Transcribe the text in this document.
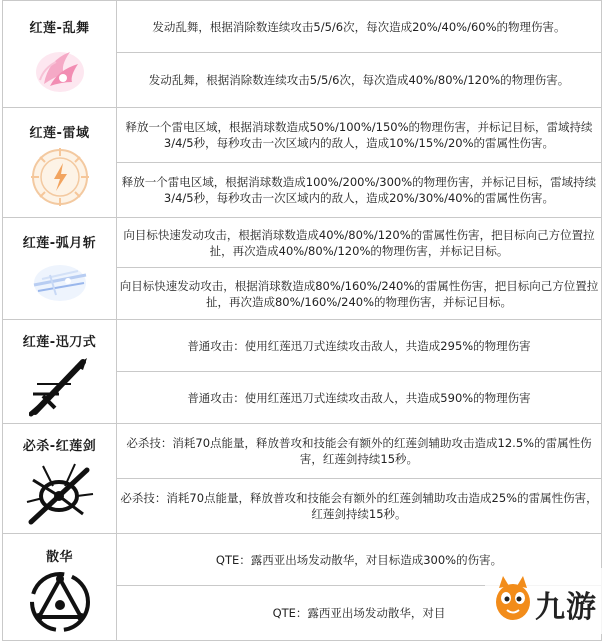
红莲-乱舞	发动乱舞，根据消除数连续攻击5/5/6次，每次造成20%/40%/60%的物理伤害。
	发动乱舞，根据消除数连续攻击5/5/6次，每次造成40%/80%/120%的物理伤害。

红莲-雷域	释放一个雷电区域，根据消球数造成50%/100%/150%的物理伤害，并标记目标，雷域持续3/4/5秒，每秒攻击一次区域内的敌人，造成10%/15%/20%的雷属性伤害。
	释放一个雷电区域，根据消球数造成100%/200%/300%的物理伤害，并标记目标，雷域持续3/4/5秒，每秒攻击一次区域内的敌人，造成20%/30%/40%的雷属性伤害。

红莲-弧月斩	向目标快速发动攻击，根据消球数造成40%/80%/120%的雷属性伤害，把目标向己方位置拉扯，再次造成40%/80%/120%的物理伤害，并标记目标。
	向目标快速发动攻击，根据消球数造成80%/160%/240%的雷属性伤害，把目标向己方位置拉扯，再次造成80%/160%/240%的物理伤害，并标记目标。

红莲-迅刀式	普通攻击：使用红莲迅刀式连续攻击敌人，共造成295%的物理伤害
	普通攻击：使用红莲迅刀式连续攻击敌人，共造成590%的物理伤害

必杀-红莲剑	必杀技：消耗70点能量，释放普攻和技能会有额外的红莲剑辅助攻击造成12.5%的雷属性伤害，红莲剑持续15秒。
	必杀技：消耗70点能量，释放普攻和技能会有额外的红莲剑辅助攻击造成25%的雷属性伤害，红莲剑持续15秒。

散华	QTE：露西亚出场发动散华，对目标造成300%的伤害。
	QTE：露西亚出场发动散华，对目	九游
